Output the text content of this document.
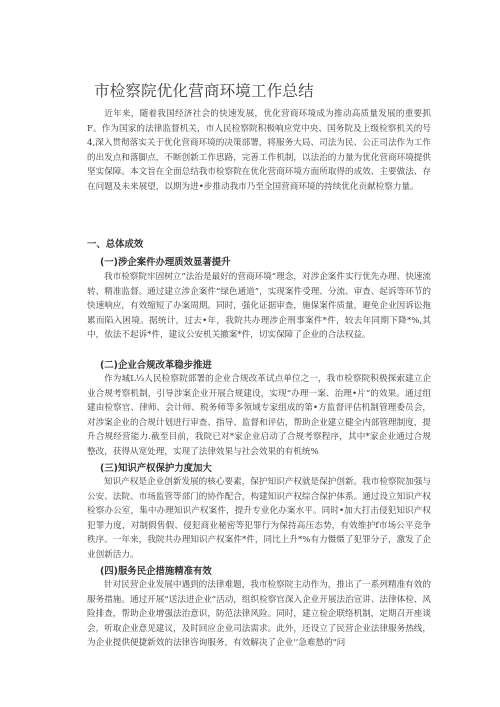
市检察院优化营商环境工作总结

近年来，随着我国经济社会的快速发展，优化营商环境成为推动高质量发展的重要抓F。作为国家的法律监督机关，市人民检察院积极响应党中央、国务院及上级检察机关的号4,深入贯彻落实关于优化营商环境的决策部署，将服务大局、司法为民、公正司法作为工作的出发点和落脚点，不断创新工作思路，完善工作机制，以法治的力量为优化营商环境提供坚实保障。本文旨在全面总结我市检察院在优化营商环境方面所取得的成效、主要做法、存在问题及未来展望，以期为进•步推动我市乃至全国营商环境的持续优化贡献检察力量。

一、总体成效
(一)涉企案件办理质效显著提升

我市检察院牢固树立“法治是最好的营商环境”理念，对涉企案件实行优先办理、快速流转、精准监督。通过建立涉企案件“绿色通道”，实现案件受理、分流、审查、起诉等环节的快速响应，有效缩短了办案周期。同时，强化证据审查，施保案件质量，避免企业因诉讼拖累而陷入困境。据统计，过去•年，我院共办理涉企刑事案件*件，较去年同期下降*%,其中，依法不起诉*件，建议公安机关撤案*件，切实保障了企业的合法权益。

(二)企业合规改革稳步推进

作为城L⅓人民检察院部署的企业合规改革试点单位之一，我市检察院积极探索建立企业合规考察机制，引导涉案企业开展合规建设，实现“办理一案、治理•片”的效果。通过组建由检察官、律师、会计师、税务师等多领域专家组成的第•方监督评估机制管理委员会，对涉案企业的合规计划进行审查、指导、监督和评估，帮助企业建立健全内部管理制度，提升合规经营能力.截至目前，我院已对*家企业启动了合规考察程序，其中*家企业通过合规整改，获得从宽处理，实现了法律效果与社会效果的有机统%

(三)知识产权保护力度加大

知识产权是企业创新发展的核心要素，保护知识产权就是保护创新。我市检察院加强与公安、法院、市场监管等部门的协作配合，构建知识产权综合保护体系。通过设立知识产权检察办公室，集中办理知识产权案件，提升专业化办案水平。同时•加大打击侵犯知识产权犯罪力度，对制假售假、侵犯商业秘密等犯罪行为保持高压态势，有效维护f市场公平竞争秩序。一年来，我院共办理知识产权案件*件，同比上升*%有力慑慑了犯罪分子，激发了企业创新活力。

(四)服务民企措施精准有效

针对民营企业发展中遇到的法律难题，我市检察院主动作为，推出了一系列精准有效的服务措施。通过开展“送法进企业”活动，组织检察官深入企业开展法治宣讲、法律体检、风险排查，帮助企业增强法治意识，防范法律风险。同时，建立检企联络机制，定期召开座谈会，听取企业意见建议，及时回应企业司法需求。此外，还设立了民营企业法律服务热线，为企业提供便捷新效的法律咨询服务，有效解决了企业'’急难愁的"问
